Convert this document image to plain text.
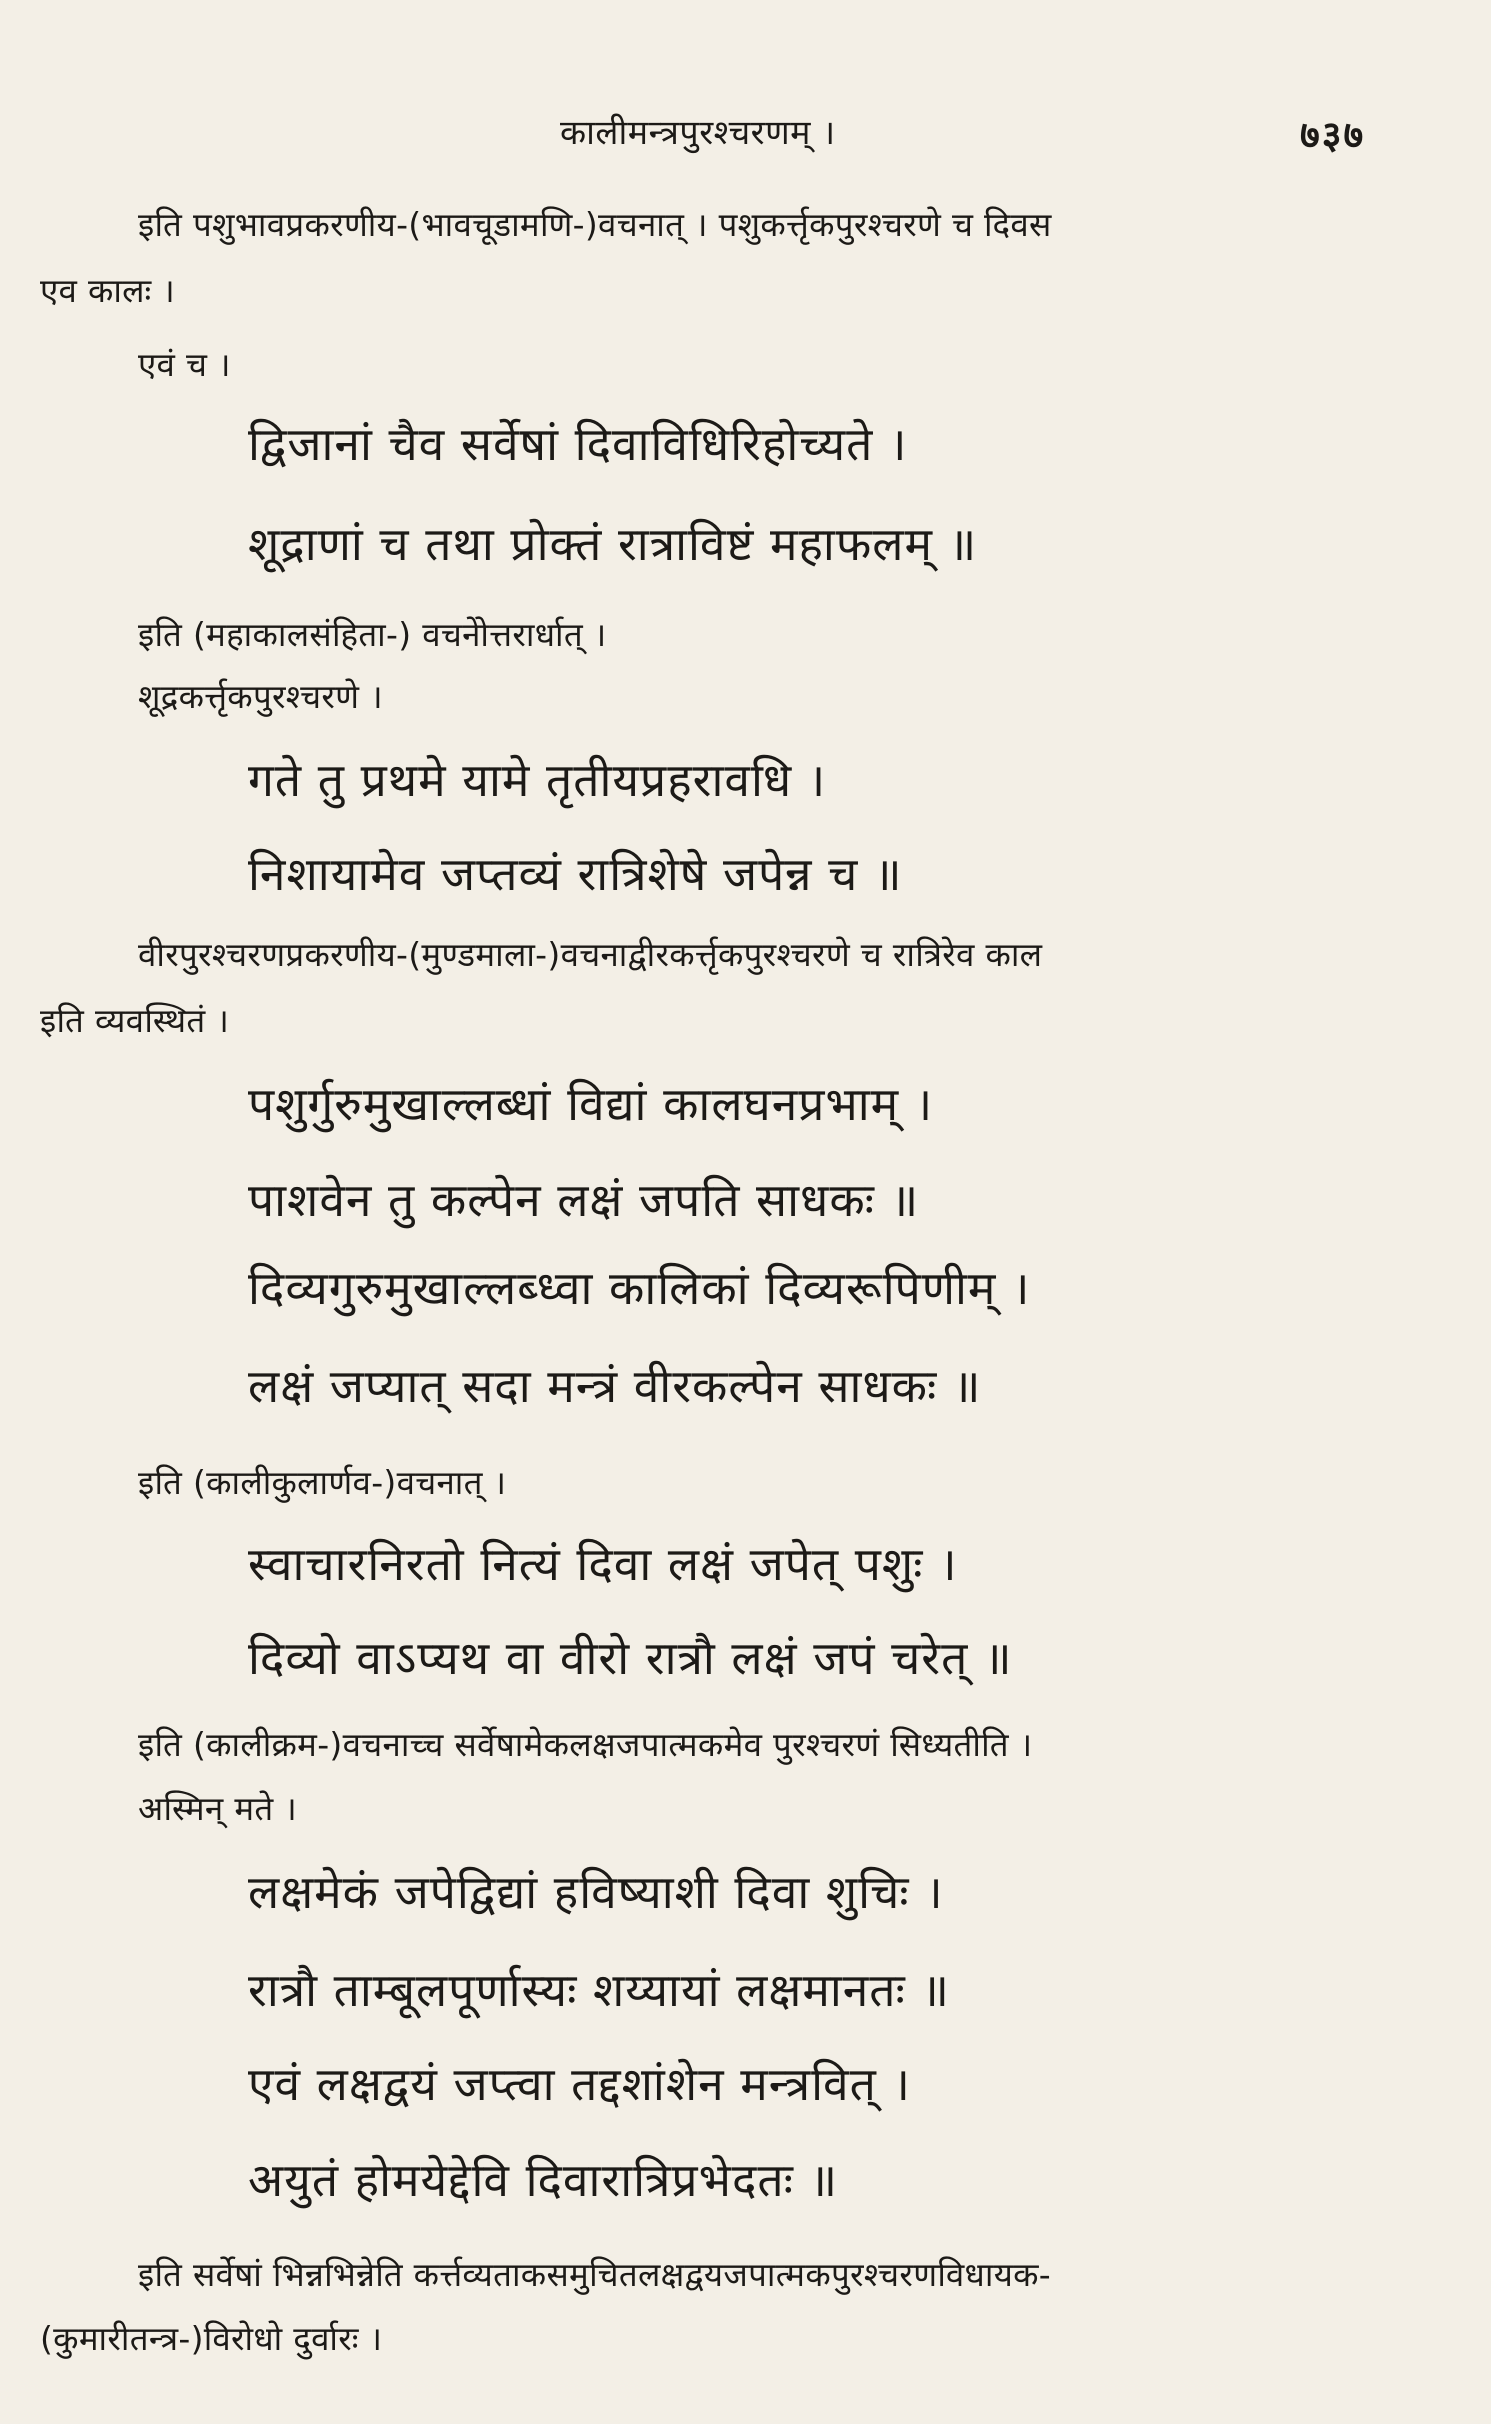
कालीमन्त्रपुरश्चरणम् ।	७३७
इति पशुभावप्रकरणीय-(भावचूडामणि-)वचनात् । पशुकर्त्तृकपुरश्चरणे च दिवस
एव कालः ।
एवं च ।
द्विजानां चैव सर्वेषां दिवाविधिरिहोच्यते ।
शूद्राणां च तथा प्रोक्तं रात्राविष्टं महाफलम् ॥
इति (महाकालसंहिता-) वचनेोत्तरार्धात् ।
शूद्रकर्त्तृकपुरश्चरणे ।
गते तु प्रथमे यामे तृतीयप्रहरावधि ।
निशायामेव जप्तव्यं रात्रिशेषे जपेन्न च ॥
वीरपुरश्चरणप्रकरणीय-(मुण्डमाला-)वचनाद्वीरकर्त्तृकपुरश्चरणे च रात्रिरेव काल
इति व्यवस्थितं ।
पशुर्गुरुमुखाल्लब्धां विद्यां कालघनप्रभाम् ।
पाशवेन तु कल्पेन लक्षं जपति साधकः ॥
दिव्यगुरुमुखाल्लब्ध्वा कालिकां दिव्यरूपिणीम् ।
लक्षं जप्यात् सदा मन्त्रं वीरकल्पेन साधकः ॥
इति (कालीकुलार्णव-)वचनात् ।
स्वाचारनिरतो नित्यं दिवा लक्षं जपेत् पशुः ।
दिव्यो वाऽप्यथ वा वीरो रात्रौ लक्षं जपं चरेत् ॥
इति (कालीक्रम-)वचनाच्च सर्वेषामेकलक्षजपात्मकमेव पुरश्चरणं सिध्यतीति ।
अस्मिन् मते ।
लक्षमेकं जपेद्विद्यां हविष्याशी दिवा शुचिः ।
रात्रौ ताम्बूलपूर्णास्यः शय्यायां लक्षमानतः ॥
एवं लक्षद्वयं जप्त्वा तद्दशांशेन मन्त्रवित् ।
अयुतं होमयेद्देवि दिवारात्रिप्रभेदतः ॥
इति सर्वेषां भिन्नभिन्नेति कर्त्तव्यताकसमुचितलक्षद्वयजपात्मकपुरश्चरणविधायक-
(कुमारीतन्त्र-)विरोधो दुर्वारः ।
